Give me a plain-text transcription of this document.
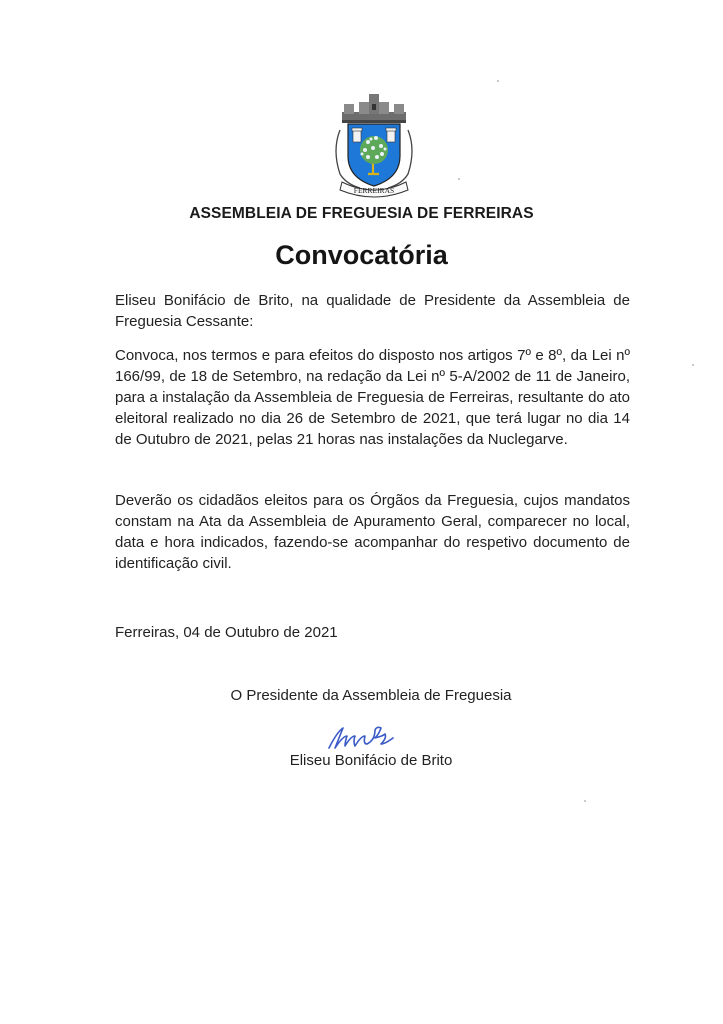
FERREIRAS
ASSEMBLEIA DE FREGUESIA DE FERREIRAS
Convocatória
Eliseu Bonifácio de Brito, na qualidade de Presidente da Assembleia de Freguesia Cessante:
Convoca, nos termos e para efeitos do disposto nos artigos 7º e 8º, da Lei nº 166/99, de 18 de Setembro, na redação da Lei nº 5-A/2002 de 11 de Janeiro, para a instalação da Assembleia de Freguesia de Ferreiras, resultante do ato eleitoral realizado no dia 26 de Setembro de 2021, que terá lugar no dia 14 de Outubro de 2021, pelas 21 horas nas instalações da Nuclegarve.
Deverão os cidadãos eleitos para os Órgãos da Freguesia, cujos mandatos constam na Ata da Assembleia de Apuramento Geral, comparecer no local, data e hora indicados, fazendo-se acompanhar do respetivo documento de identificação civil.
Ferreiras, 04 de Outubro de 2021
O Presidente da Assembleia de Freguesia
Eliseu Bonifácio de Brito
